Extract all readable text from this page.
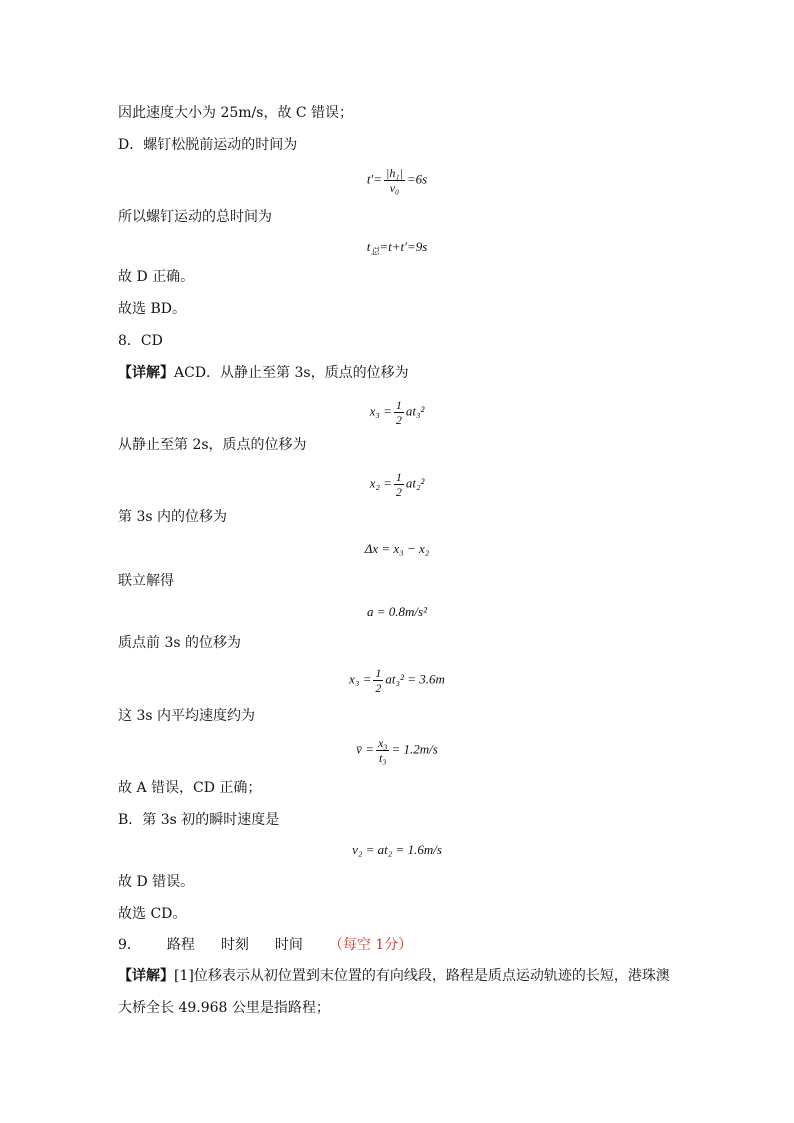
因此速度大小为 25m/s，故 C 错误；
D．螺钉松脱前运动的时间为
$t'= \frac{\text{|h₁|}}{\text{v₀}} =6s$
所以螺钉运动的总时间为
$t_总=t+t'=9s$
故 D 正确。
故选 BD。
8．CD
【详解】ACD．从静止至第 3s，质点的位移为
$x_3 = \frac{1}{2} at_3^2$
从静止至第 2s，质点的位移为
$x_2 = \frac{1}{2} at_2^2$
第 3s 内的位移为
Δx = x₃ − x₂
联立解得
a = 0.8m/s²
质点前 3s 的位移为
$x_3 = \frac{1}{2} at_3^2 = 3.6m$
这 3s 内平均速度约为
v̄ = $\frac{\text{x₃}}{\text{t₃}} = 1.2m/s$
故 A 错误，CD 正确；
B．第 3s 初的瞬时速度是
v₂ = at₂ = 1.6m/s
故 D 错误。
故选 CD。
9． 路程 时刻 时间 （每空 1分）
【详解】[1]位移表示从初位置到末位置的有向线段，路程是质点运动轨迹的长短，港珠澳
大桥全长 49.968 公里是指路程；
